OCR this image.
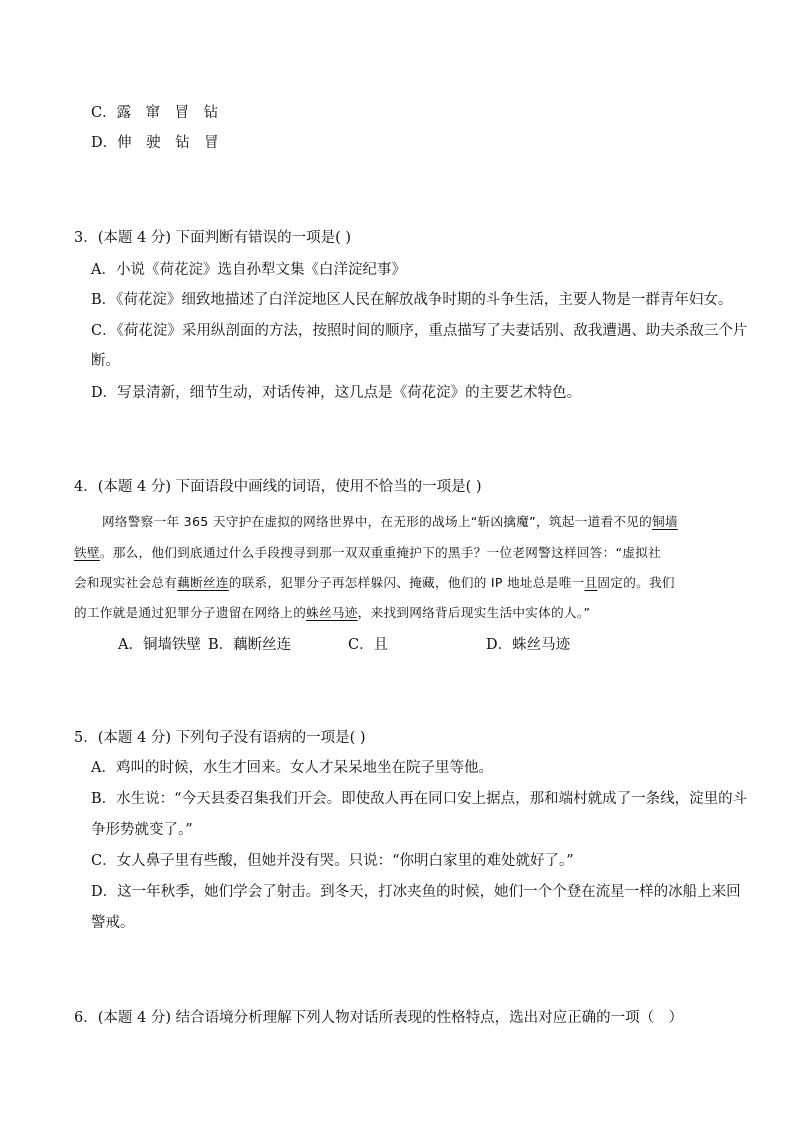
C．露　窜　冒　钻
D．伸　驶　钻　冒
3．(本题 4 分) 下面判断有错误的一项是( )
A．小说《荷花淀》选自孙犁文集《白洋淀纪事》
B．《荷花淀》细致地描述了白洋淀地区人民在解放战争时期的斗争生活，主要人物是一群青年妇女。
C．《荷花淀》采用纵剖面的方法，按照时间的顺序，重点描写了夫妻话别、敌我遭遇、助夫杀敌三个片
断。
D．写景清新，细节生动，对话传神，这几点是《荷花淀》的主要艺术特色。
4．(本题 4 分) 下面语段中画线的词语，使用不恰当的一项是( )
网络警察一年 365 天守护在虚拟的网络世界中，在无形的战场上“斩凶擒魔”，筑起一道看不见的铜墙
铁壁。那么，他们到底通过什么手段搜寻到那一双双重重掩护下的黑手？一位老网警这样回答：“虚拟社
会和现实社会总有藕断丝连的联系，犯罪分子再怎样躲闪、掩藏，他们的 IP 地址总是唯一且固定的。我们
的工作就是通过犯罪分子遗留在网络上的蛛丝马迹，来找到网络背后现实生活中实体的人。”
A．铜墙铁壁 B．藕断丝连	C．且	D．蛛丝马迹
5．(本题 4 分) 下列句子没有语病的一项是( )
A．鸡叫的时候，水生才回来。女人才呆呆地坐在院子里等他。
B．水生说：“今天县委召集我们开会。即使敌人再在同口安上据点，那和端村就成了一条线，淀里的斗
争形势就变了。”
C．女人鼻子里有些酸，但她并没有哭。只说：“你明白家里的难处就好了。”
D．这一年秋季，她们学会了射击。到冬天，打冰夹鱼的时候，她们一个个登在流星一样的冰船上来回
警戒。
6．(本题 4 分) 结合语境分析理解下列人物对话所表现的性格特点，选出对应正确的一项（　）
